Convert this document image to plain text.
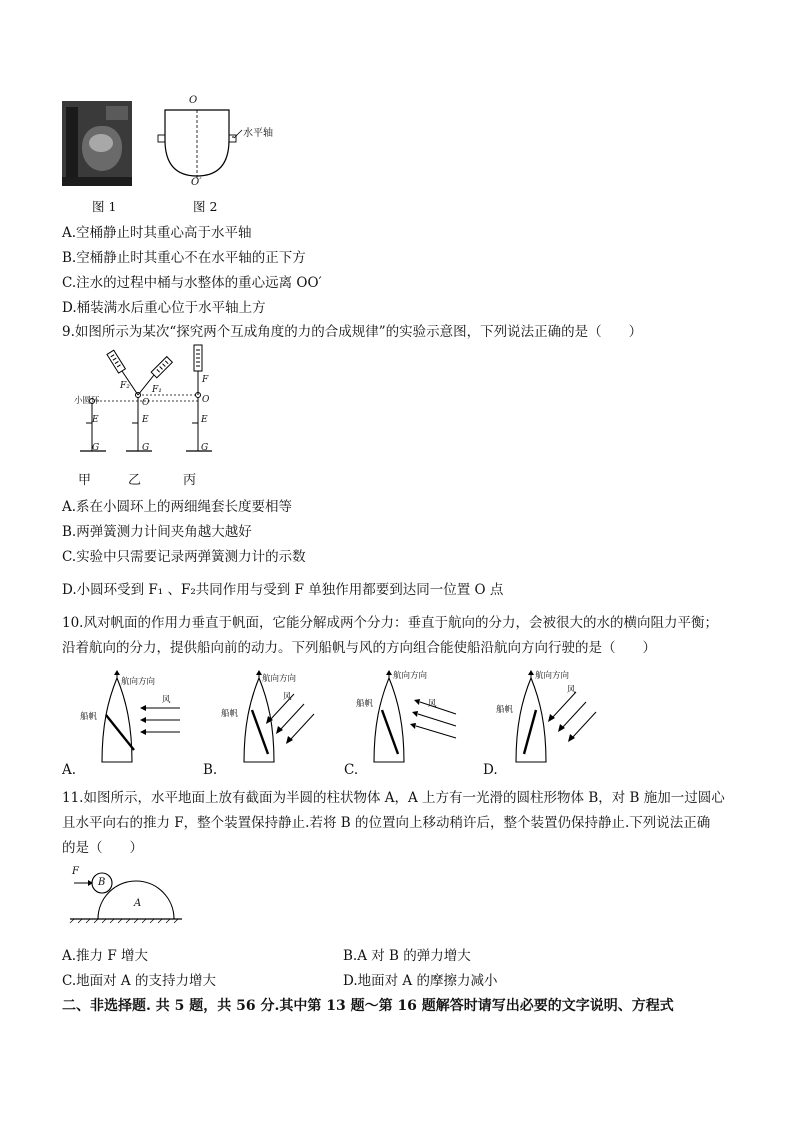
图 1
O
O′
水平轴
图 2
A.空桶静止时其重心高于水平轴
B.空桶静止时其重心不在水平轴的正下方
C.注水的过程中桶与水整体的重心远离 OO′
D.桶装满水后重心位于水平轴上方
9.如图所示为某次“探究两个互成角度的力的合成规律”的实验示意图，下列说法正确的是（　　）
小圆环
F₂ F₁
F
O	O
E	E	E
G	G	G
甲	乙	丙
A.系在小圆环上的两细绳套长度要相等
B.两弹簧测力计间夹角越大越好
C.实验中只需要记录两弹簧测力计的示数
D.小圆环受到 F₁ 、F₂共同作用与受到 F 单独作用都要到达同一位置 O 点
10.风对帆面的作用力垂直于帆面，它能分解成两个分力：垂直于航向的分力，会被很大的水的横向阻力平衡；
沿着航向的分力，提供船向前的动力。下列船帆与风的方向组合能使船沿航向方向行驶的是（　　）
航向方向
风
船帆
航向方向
风
船帆
航向方向
风
船帆
航向方向
风
船帆
A.	B.	C.	D.
11.如图所示，水平地面上放有截面为半圆的柱状物体 A，A 上方有一光滑的圆柱形物体 B，对 B 施加一过圆心
且水平向右的推力 F，整个装置保持静止.若将 B 的位置向上移动稍许后，整个装置仍保持静止.下列说法正确
的是（　　）
F
B
A
A.推力 F 增大	B.A 对 B 的弹力增大
C.地面对 A 的支持力增大	D.地面对 A 的摩擦力减小
二、非选择题. 共 5 题，共 56 分.其中第 13 题～第 16 题解答时请写出必要的文字说明、方程式
